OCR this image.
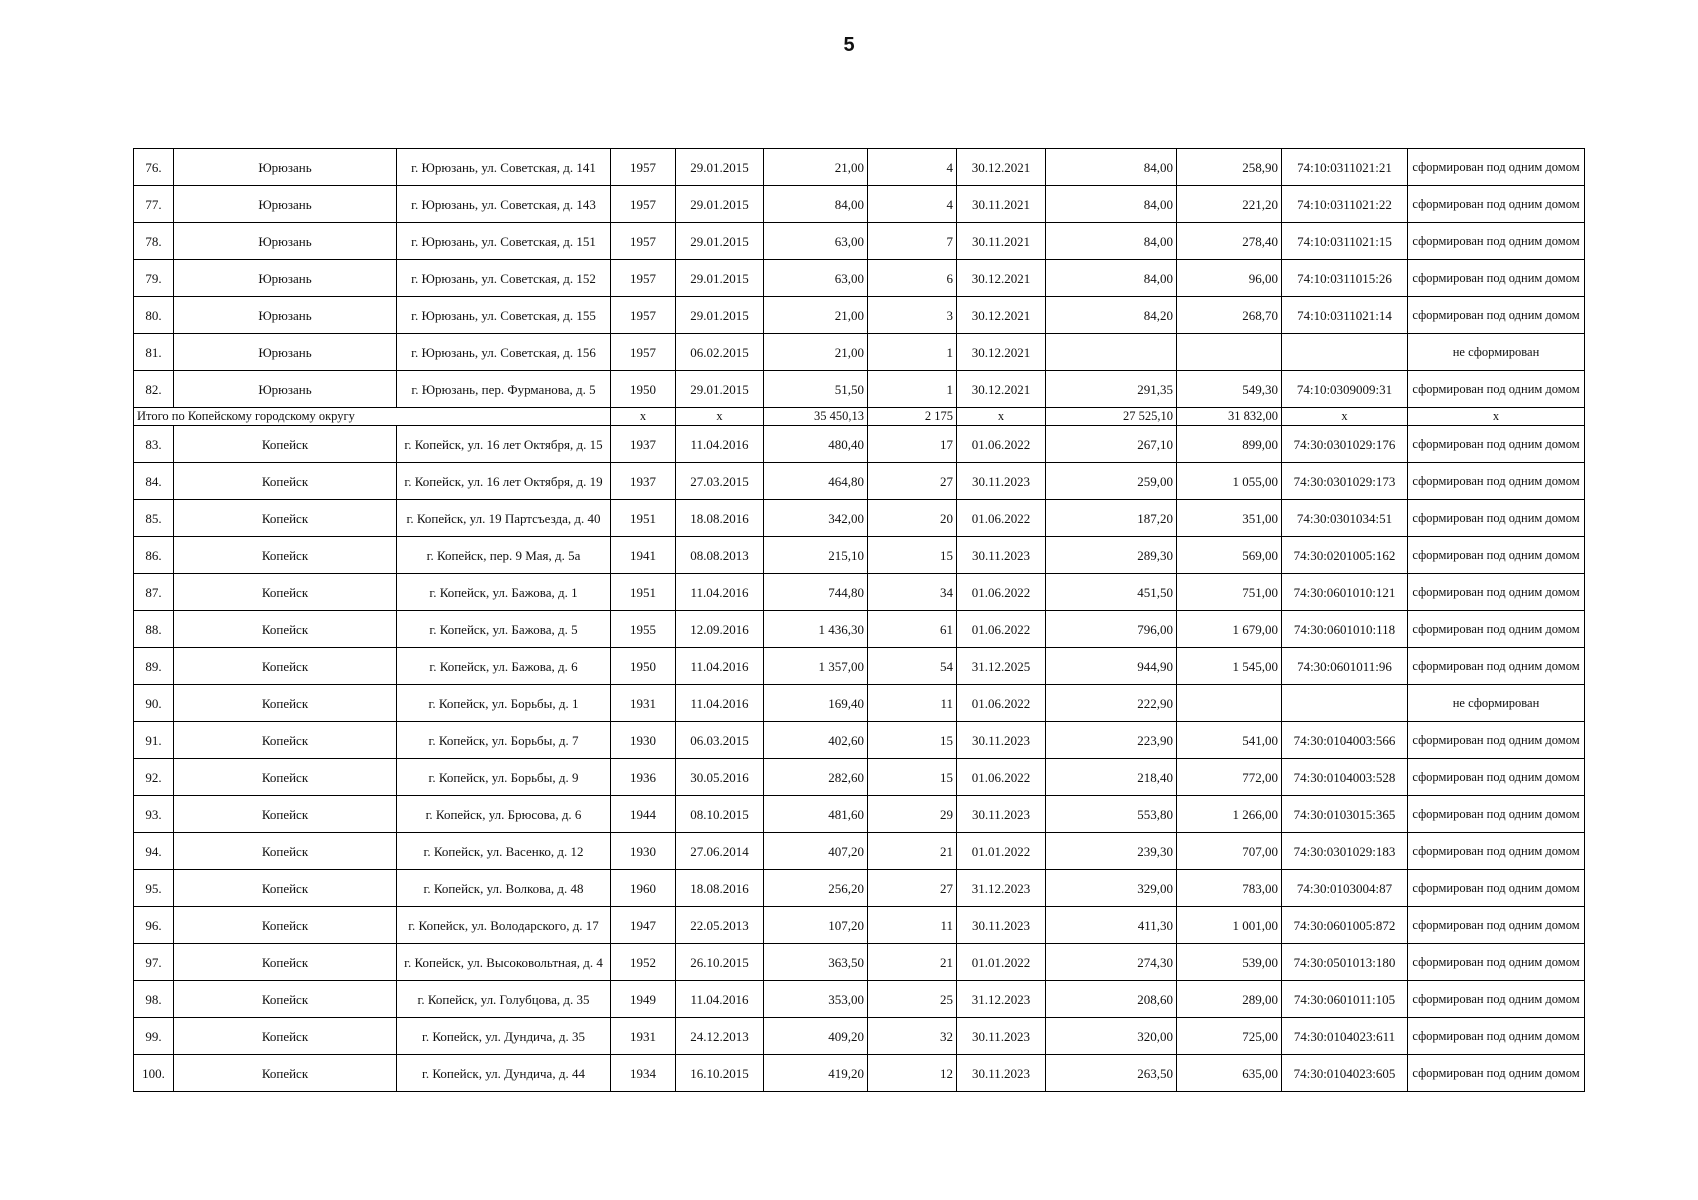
5
76.	Юрюзань	г. Юрюзань, ул. Советская, д. 141	1957	29.01.2015	21,00	4	30.12.2021	84,00	258,90	74:10:0311021:21	сформирован под одним домом
77.	Юрюзань	г. Юрюзань, ул. Советская, д. 143	1957	29.01.2015	84,00	4	30.11.2021	84,00	221,20	74:10:0311021:22	сформирован под одним домом
78.	Юрюзань	г. Юрюзань, ул. Советская, д. 151	1957	29.01.2015	63,00	7	30.11.2021	84,00	278,40	74:10:0311021:15	сформирован под одним домом
79.	Юрюзань	г. Юрюзань, ул. Советская, д. 152	1957	29.01.2015	63,00	6	30.12.2021	84,00	96,00	74:10:0311015:26	сформирован под одним домом
80.	Юрюзань	г. Юрюзань, ул. Советская, д. 155	1957	29.01.2015	21,00	3	30.12.2021	84,20	268,70	74:10:0311021:14	сформирован под одним домом
81.	Юрюзань	г. Юрюзань, ул. Советская, д. 156	1957	06.02.2015	21,00	1	30.12.2021				не сформирован
82.	Юрюзань	г. Юрюзань, пер. Фурманова, д. 5	1950	29.01.2015	51,50	1	30.12.2021	291,35	549,30	74:10:0309009:31	сформирован под одним домом
Итого по Копейскому городскому округу			х	х	35 450,13	2 175	х	27 525,10	31 832,00	х	х
83.	Копейск	г. Копейск, ул. 16 лет Октября, д. 15	1937	11.04.2016	480,40	17	01.06.2022	267,10	899,00	74:30:0301029:176	сформирован под одним домом
84.	Копейск	г. Копейск, ул. 16 лет Октября, д. 19	1937	27.03.2015	464,80	27	30.11.2023	259,00	1 055,00	74:30:0301029:173	сформирован под одним домом
85.	Копейск	г. Копейск, ул. 19 Партсъезда, д. 40	1951	18.08.2016	342,00	20	01.06.2022	187,20	351,00	74:30:0301034:51	сформирован под одним домом
86.	Копейск	г. Копейск, пер. 9 Мая, д. 5а	1941	08.08.2013	215,10	15	30.11.2023	289,30	569,00	74:30:0201005:162	сформирован под одним домом
87.	Копейск	г. Копейск, ул. Бажова, д. 1	1951	11.04.2016	744,80	34	01.06.2022	451,50	751,00	74:30:0601010:121	сформирован под одним домом
88.	Копейск	г. Копейск, ул. Бажова, д. 5	1955	12.09.2016	1 436,30	61	01.06.2022	796,00	1 679,00	74:30:0601010:118	сформирован под одним домом
89.	Копейск	г. Копейск, ул. Бажова, д. 6	1950	11.04.2016	1 357,00	54	31.12.2025	944,90	1 545,00	74:30:0601011:96	сформирован под одним домом
90.	Копейск	г. Копейск, ул. Борьбы, д. 1	1931	11.04.2016	169,40	11	01.06.2022	222,90			не сформирован
91.	Копейск	г. Копейск, ул. Борьбы, д. 7	1930	06.03.2015	402,60	15	30.11.2023	223,90	541,00	74:30:0104003:566	сформирован под одним домом
92.	Копейск	г. Копейск, ул. Борьбы, д. 9	1936	30.05.2016	282,60	15	01.06.2022	218,40	772,00	74:30:0104003:528	сформирован под одним домом
93.	Копейск	г. Копейск, ул. Брюсова, д. 6	1944	08.10.2015	481,60	29	30.11.2023	553,80	1 266,00	74:30:0103015:365	сформирован под одним домом
94.	Копейск	г. Копейск, ул. Васенко, д. 12	1930	27.06.2014	407,20	21	01.01.2022	239,30	707,00	74:30:0301029:183	сформирован под одним домом
95.	Копейск	г. Копейск, ул. Волкова, д. 48	1960	18.08.2016	256,20	27	31.12.2023	329,00	783,00	74:30:0103004:87	сформирован под одним домом
96.	Копейск	г. Копейск, ул. Володарского, д. 17	1947	22.05.2013	107,20	11	30.11.2023	411,30	1 001,00	74:30:0601005:872	сформирован под одним домом
97.	Копейск	г. Копейск, ул. Высоковольтная, д. 4	1952	26.10.2015	363,50	21	01.01.2022	274,30	539,00	74:30:0501013:180	сформирован под одним домом
98.	Копейск	г. Копейск, ул. Голубцова, д. 35	1949	11.04.2016	353,00	25	31.12.2023	208,60	289,00	74:30:0601011:105	сформирован под одним домом
99.	Копейск	г. Копейск, ул. Дундича, д. 35	1931	24.12.2013	409,20	32	30.11.2023	320,00	725,00	74:30:0104023:611	сформирован под одним домом
100.	Копейск	г. Копейск, ул. Дундича, д. 44	1934	16.10.2015	419,20	12	30.11.2023	263,50	635,00	74:30:0104023:605	сформирован под одним домом
